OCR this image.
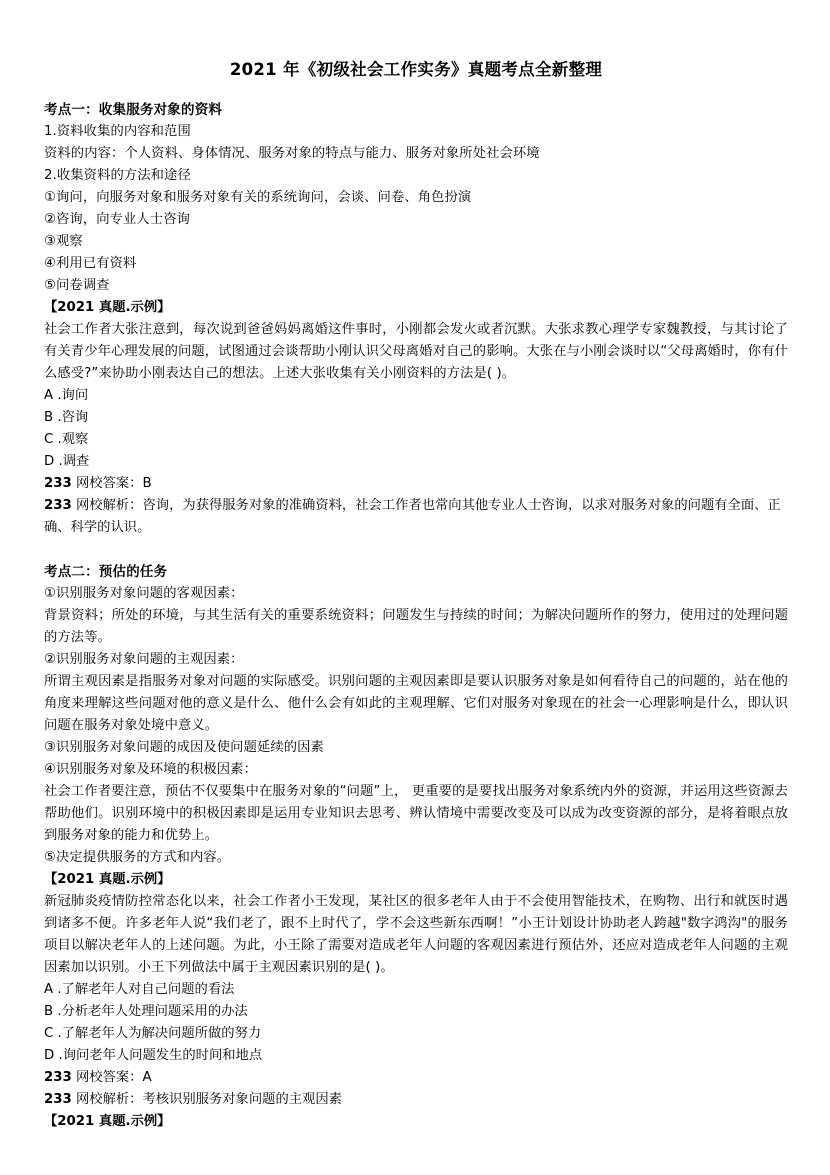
2021 年《初级社会工作实务》真题考点全新整理
考点一：收集服务对象的资料
1.资料收集的内容和范围
资料的内容：个人资料、身体情况、服务对象的特点与能力、服务对象所处社会环境
2.收集资料的方法和途径
①询问，向服务对象和服务对象有关的系统询问，会谈、问卷、角色扮演
②咨询，向专业人士咨询
③观察
④利用已有资料
⑤问卷调查
【2021 真题.示例】
社会工作者大张注意到，每次说到爸爸妈妈离婚这件事时，小刚都会发火或者沉默。大张求教心理学专家魏教授，与其讨论了有关青少年心理发展的问题，试图通过会谈帮助小刚认识父母离婚对自己的影响。大张在与小刚会谈时以“父母离婚时，你有什么感受?”来协助小刚表达自己的想法。上述大张收集有关小刚资料的方法是( )。
A .询问
B .咨询
C .观察
D .调查
233 网校答案：B
233 网校解析：咨询，为获得服务对象的准确资料，社会工作者也常向其他专业人士咨询，以求对服务对象的问题有全面、正确、科学的认识。
考点二：预估的任务
①识别服务对象问题的客观因素：
背景资料；所处的环境，与其生活有关的重要系统资料；问题发生与持续的时间；为解决问题所作的努力，使用过的处理问题的方法等。
②识别服务对象问题的主观因素：
所谓主观因素是指服务对象对问题的实际感受。识别问题的主观因素即是要认识服务对象是如何看待自己的问题的，站在他的角度来理解这些问题对他的意义是什么、他什么会有如此的主观理解、它们对服务对象现在的社会一心理影响是什么，即认识问题在服务对象处境中意义。
③识别服务对象问题的成因及使问题延续的因素
④识别服务对象及环境的积极因素：
社会工作者要注意，预估不仅要集中在服务对象的“问题”上， 更重要的是要找出服务对象系统内外的资源，并运用这些资源去帮助他们。识别环境中的积极因素即是运用专业知识去思考、辨认情境中需要改变及可以成为改变资源的部分，是将着眼点放到服务对象的能力和优势上。
⑤决定提供服务的方式和内容。
【2021 真题.示例】
新冠肺炎疫情防控常态化以来，社会工作者小王发现，某社区的很多老年人由于不会使用智能技术，在购物、出行和就医时遇到诸多不便。许多老年人说“我们老了，跟不上时代了，学不会这些新东西啊！”小王计划设计协助老人跨越"数字鸿沟"的服务项目以解决老年人的上述问题。为此，小王除了需要对造成老年人问题的客观因素进行预估外，还应对造成老年人问题的主观因素加以识别。小王下列做法中属于主观因素识别的是( )。
A .了解老年人对自己问题的看法
B .分析老年人处理问题采用的办法
C .了解老年人为解决问题所做的努力
D .询问老年人问题发生的时间和地点
233 网校答案：A
233 网校解析：考核识别服务对象问题的主观因素
【2021 真题.示例】
